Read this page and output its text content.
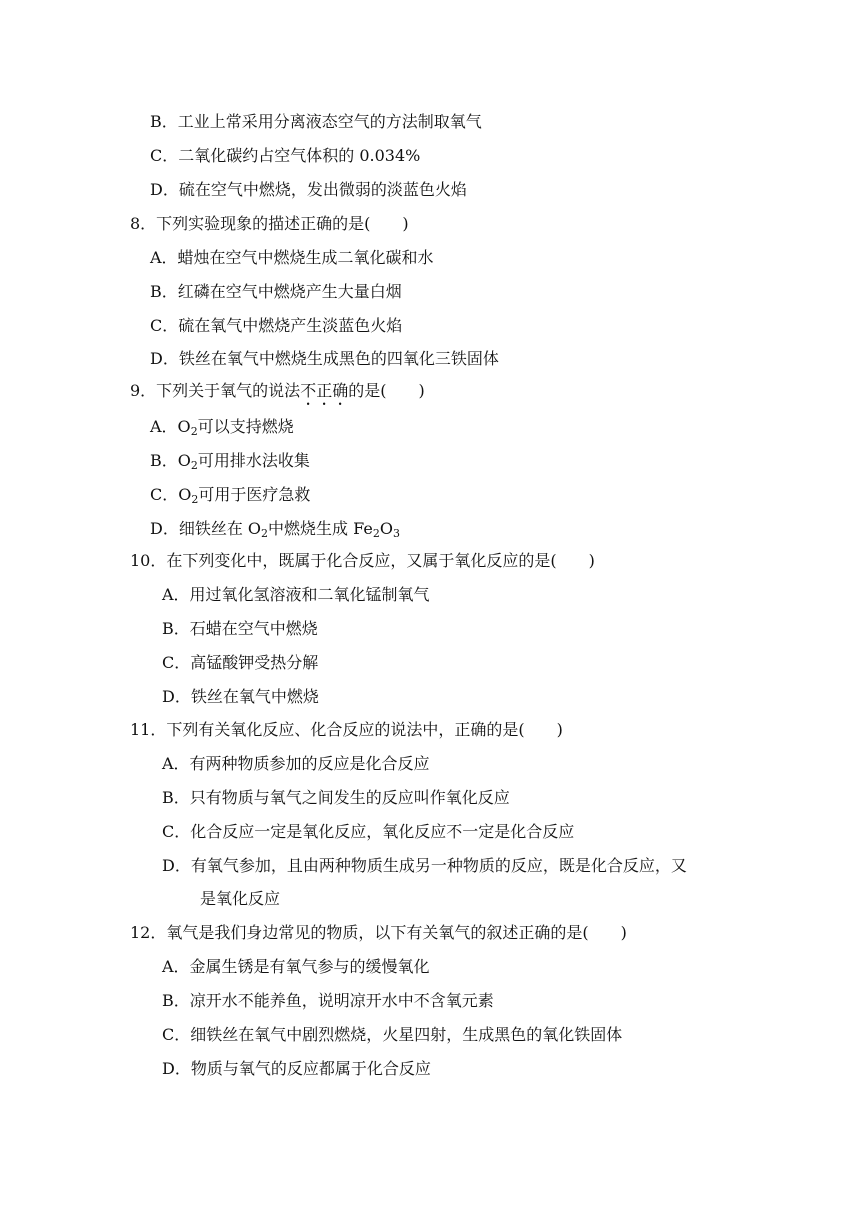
B．工业上常采用分离液态空气的方法制取氧气
C．二氧化碳约占空气体积的 0.034%
D．硫在空气中燃烧，发出微弱的淡蓝色火焰
8．下列实验现象的描述正确的是(　　)
A．蜡烛在空气中燃烧生成二氧化碳和水
B．红磷在空气中燃烧产生大量白烟
C．硫在氧气中燃烧产生淡蓝色火焰
D．铁丝在氧气中燃烧生成黑色的四氧化三铁固体
9．下列关于氧气的说法不正确的是(　　)
A．$O_2$可以支持燃烧
B．$O_2$可用排水法收集
C．$O_2$可用于医疗急救
D．细铁丝在 $O_2$中燃烧生成 $Fe_2O_3$
10．在下列变化中，既属于化合反应，又属于氧化反应的是(　　)
A．用过氧化氢溶液和二氧化锰制氧气
B．石蜡在空气中燃烧
C．高锰酸钾受热分解
D．铁丝在氧气中燃烧
11．下列有关氧化反应、化合反应的说法中，正确的是(　　)
A．有两种物质参加的反应是化合反应
B．只有物质与氧气之间发生的反应叫作氧化反应
C．化合反应一定是氧化反应，氧化反应不一定是化合反应
D．有氧气参加，且由两种物质生成另一种物质的反应，既是化合反应，又
是氧化反应
12．氧气是我们身边常见的物质，以下有关氧气的叙述正确的是(　　)
A．金属生锈是有氧气参与的缓慢氧化
B．凉开水不能养鱼，说明凉开水中不含氧元素
C．细铁丝在氧气中剧烈燃烧，火星四射，生成黑色的氧化铁固体
D．物质与氧气的反应都属于化合反应
